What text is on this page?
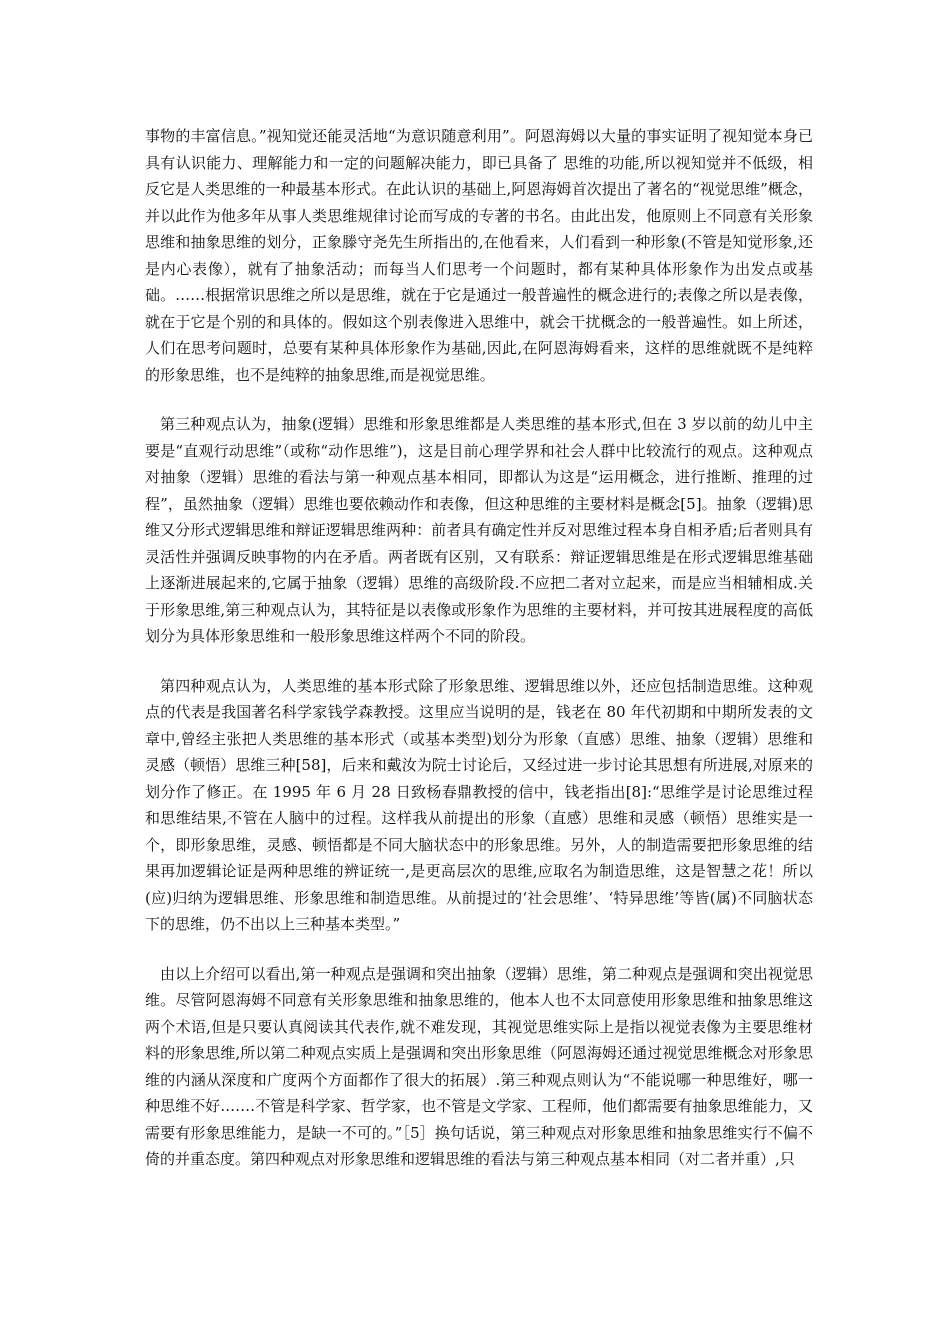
事物的丰富信息。”视知觉还能灵活地“为意识随意利用”。阿恩海姆以大量的事实证明了视知觉本身已具有认识能力、理解能力和一定的问题解决能力，即已具备了 思维的功能,所以视知觉并不低级，相反它是人类思维的一种最基本形式。在此认识的基础上,阿恩海姆首次提出了著名的“视觉思维”概念，并以此作为他多年从事人类思维规律讨论而写成的专著的书名。由此出发，他原则上不同意有关形象思维和抽象思维的划分，正象滕守尧先生所指出的,在他看来，人们看到一种形象(不管是知觉形象,还是内心表像），就有了抽象活动；而每当人们思考一个问题时，都有某种具体形象作为出发点或基础。……根据常识思维之所以是思维，就在于它是通过一般普遍性的概念进行的;表像之所以是表像，就在于它是个别的和具体的。假如这个别表像进入思维中，就会干扰概念的一般普遍性。如上所述，人们在思考问题时，总要有某种具体形象作为基础,因此,在阿恩海姆看来，这样的思维就既不是纯粹的形象思维，也不是纯粹的抽象思维,而是视觉思维。

第三种观点认为，抽象(逻辑）思维和形象思维都是人类思维的基本形式,但在 3 岁以前的幼儿中主要是“直观行动思维”（或称“动作思维”)，这是目前心理学界和社会人群中比较流行的观点。这种观点对抽象（逻辑）思维的看法与第一种观点基本相同，即都认为这是“运用概念，进行推断、推理的过程”，虽然抽象（逻辑）思维也要依赖动作和表像，但这种思维的主要材料是概念[5]。抽象（逻辑)思维又分形式逻辑思维和辩证逻辑思维两种：前者具有确定性并反对思维过程本身自相矛盾;后者则具有灵活性并强调反映事物的内在矛盾。两者既有区别，又有联系：辩证逻辑思维是在形式逻辑思维基础上逐渐进展起来的,它属于抽象（逻辑）思维的高级阶段.不应把二者对立起来，而是应当相辅相成.关于形象思维,第三种观点认为，其特征是以表像或形象作为思维的主要材料，并可按其进展程度的高低划分为具体形象思维和一般形象思维这样两个不同的阶段。

第四种观点认为，人类思维的基本形式除了形象思维、逻辑思维以外，还应包括制造思维。这种观点的代表是我国著名科学家钱学森教授。这里应当说明的是，钱老在 80 年代初期和中期所发表的文章中,曾经主张把人类思维的基本形式（或基本类型)划分为形象（直感）思维、抽象（逻辑）思维和灵感（顿悟）思维三种[58]，后来和戴汝为院士讨论后，又经过进一步讨论其思想有所进展,对原来的划分作了修正。在 1995 年 6 月 28 日致杨春鼎教授的信中，钱老指出[8]:“思维学是讨论思维过程和思维结果,不管在人脑中的过程。这样我从前提出的形象（直感）思维和灵感（顿悟）思维实是一个，即形象思维，灵感、顿悟都是不同大脑状态中的形象思维。另外，人的制造需要把形象思维的结果再加逻辑论证是两种思维的辨证统一,是更高层次的思维,应取名为制造思维，这是智慧之花！所以(应)归纳为逻辑思维、形象思维和制造思维。从前提过的‘社会思维’、‘特异思维’等皆(属)不同脑状态下的思维，仍不出以上三种基本类型。”

由以上介绍可以看出,第一种观点是强调和突出抽象（逻辑）思维，第二种观点是强调和突出视觉思维。尽管阿恩海姆不同意有关形象思维和抽象思维的，他本人也不太同意使用形象思维和抽象思维这两个术语,但是只要认真阅读其代表作,就不难发现，其视觉思维实际上是指以视觉表像为主要思维材料的形象思维,所以第二种观点实质上是强调和突出形象思维（阿恩海姆还通过视觉思维概念对形象思维的内涵从深度和广度两个方面都作了很大的拓展）.第三种观点则认为“不能说哪一种思维好，哪一种思维不好.……不管是科学家、哲学家，也不管是文学家、工程师，他们都需要有抽象思维能力，又需要有形象思维能力，是缺一不可的。”［5］换句话说，第三种观点对形象思维和抽象思维实行不偏不倚的并重态度。第四种观点对形象思维和逻辑思维的看法与第三种观点基本相同（对二者并重）,只
